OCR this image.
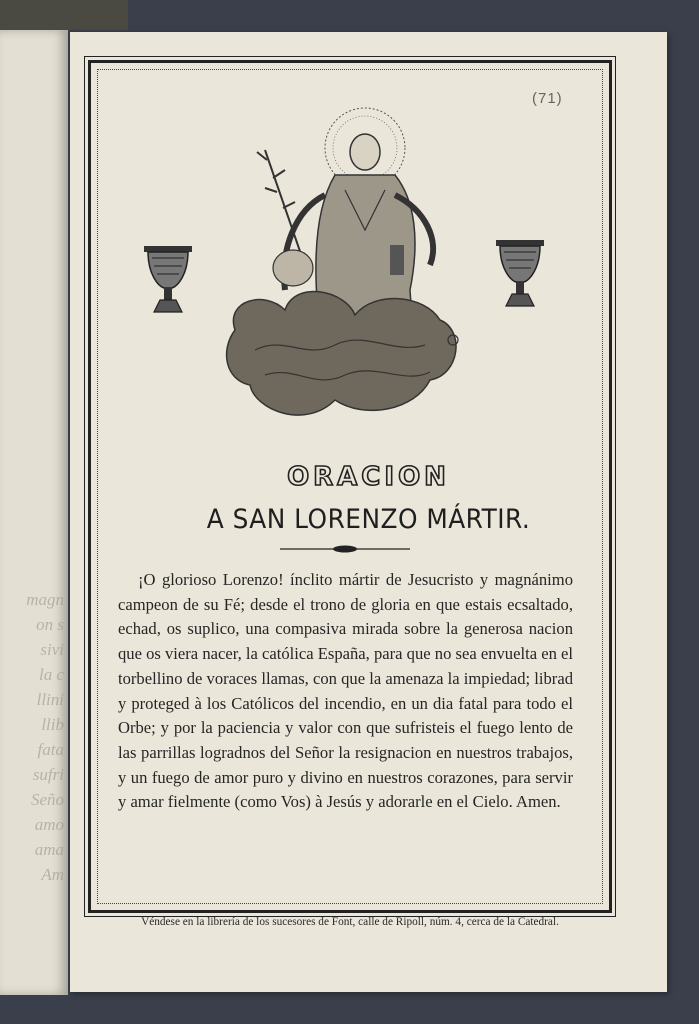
magn
on s
sivi
la c
llini
llib
fata
sufri
Seño
amo
ama
Am
(71)
ORACION
A SAN LORENZO MÁRTIR.
¡O glorioso Lorenzo! ínclito mártir de Jesucristo y magnánimo campeon de su Fé; desde el trono de gloria en que estais ecsaltado, echad, os suplico, una compasiva mirada sobre la generosa nacion que os viera nacer, la católica España, para que no sea envuelta en el torbellino de voraces llamas, con que la amenaza la impiedad; librad y proteged à los Católicos del incendio, en un dia fatal para todo el Orbe; y por la paciencia y valor con que sufristeis el fuego lento de las parrillas logradnos del Señor la resignacion en nuestros trabajos, y un fuego de amor puro y divino en nuestros corazones, para servir y amar fielmente (como Vos) à Jesús y adorarle en el Cielo. Amen.
Véndese en la librería de los sucesores de Font, calle de Ripoll, núm. 4, cerca de la Catedral.
